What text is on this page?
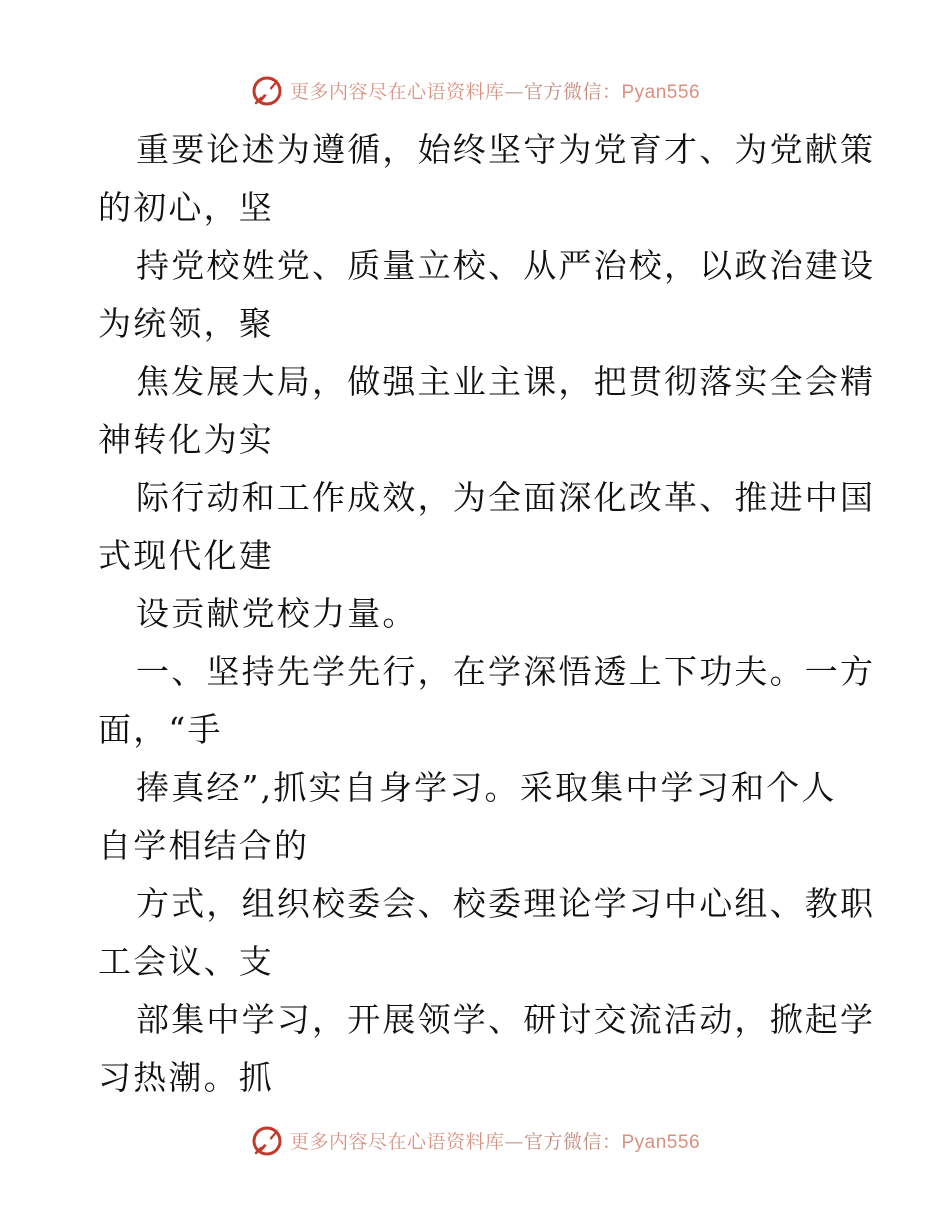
更多内容尽在心语资料库—官方微信：Pyan556
重要论述为遵循，始终坚守为党育才、为党献策
的初心，坚
持党校姓党、质量立校、从严治校，以政治建设
为统领，聚
焦发展大局，做强主业主课，把贯彻落实全会精
神转化为实
际行动和工作成效，为全面深化改革、推进中国
式现代化建
设贡献党校力量。
一、坚持先学先行，在学深悟透上下功夫。一方
面，“手
捧真经”,抓实自身学习。采取集中学习和个人
自学相结合的
方式，组织校委会、校委理论学习中心组、教职
工会议、支
部集中学习，开展领学、研讨交流活动，掀起学
习热潮。抓
更多内容尽在心语资料库—官方微信：Pyan556
